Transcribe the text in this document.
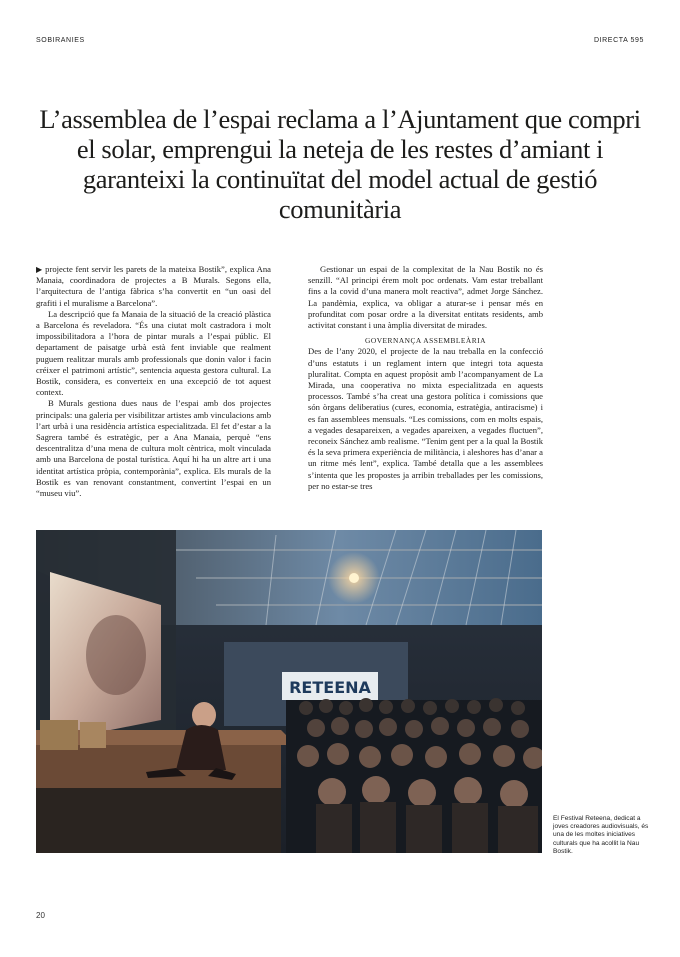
SOBIRANIES	DIRECTA 595
L’assemblea de l’espai reclama a l’Ajuntament que compri el solar, emprengui la neteja de les restes d’amiant i garanteixi la continuïtat del model actual de gestió comunitària

▶ projecte fent servir les parets de la mateixa Bostik”, explica Ana Manaia, coordinadora de projectes a B Murals. Segons ella, l’arquitectura de l’antiga fàbrica s’ha convertit en “un oasi del grafiti i el muralisme a Barcelona”.

La descripció que fa Manaia de la situació de la creació plàstica a Barcelona és reveladora. “És una ciutat molt castradora i molt impossibilitadora a l’hora de pintar murals a l’espai públic. El departament de paisatge urbà està fent inviable que realment puguem realitzar murals amb professionals que donin valor i facin créixer el patrimoni artístic”, sentencia aquesta gestora cultural. La Bostik, considera, es converteix en una excepció de tot aquest context.

B Murals gestiona dues naus de l’espai amb dos projectes principals: una galeria per visibilitzar artistes amb vinculacions amb l’art urbà i una residència artística especialitzada. El fet d’estar a la Sagrera també és estratègic, per a Ana Manaia, perquè “ens descentralitza d’una mena de cultura molt cèntrica, molt vinculada amb una Barcelona de postal turística. Aquí hi ha un altre art i una identitat artística pròpia, contemporània”, explica. Els murals de la Bostik es van renovant constantment, convertint l’espai en un “museu viu”.

Gestionar un espai de la complexitat de la Nau Bostik no és senzill. “Al principi érem molt poc ordenats. Vam estar treballant fins a la covid d’una manera molt reactiva”, admet Jorge Sánchez. La pandèmia, explica, va obligar a aturar-se i pensar més en profunditat com posar ordre a la diversitat entitats residents, amb activitat constant i una àmplia diversitat de mirades.

GOVERNANÇA ASSEMBLEÀRIA

Des de l’any 2020, el projecte de la nau treballa en la confecció d’uns estatuts i un reglament intern que integri tota aquesta pluralitat. Compta en aquest propòsit amb l’acompanyament de La Mirada, una cooperativa no mixta especialitzada en aquests processos. També s’ha creat una gestora política i comissions que són òrgans deliberatius (cures, economia, estratègia, antiracisme) i es fan assemblees mensuals. “Les comissions, com en molts espais, a vegades desapareixen, a vegades apareixen, a vegades fluctuen”, reconeix Sánchez amb realisme. “Tenim gent per a la qual la Bostik és la seva primera experiència de militància, i aleshores has d’anar a un ritme més lent”, explica. També detalla que a les assemblees s’intenta que les propostes ja arribin treballades per les comissions, per no estar-se tres

RETEENA
El Festival Reteena, dedicat a joves creadores audiovisuals, és una de les moltes iniciatives culturals que ha acollit la Nau Bostik.
20
